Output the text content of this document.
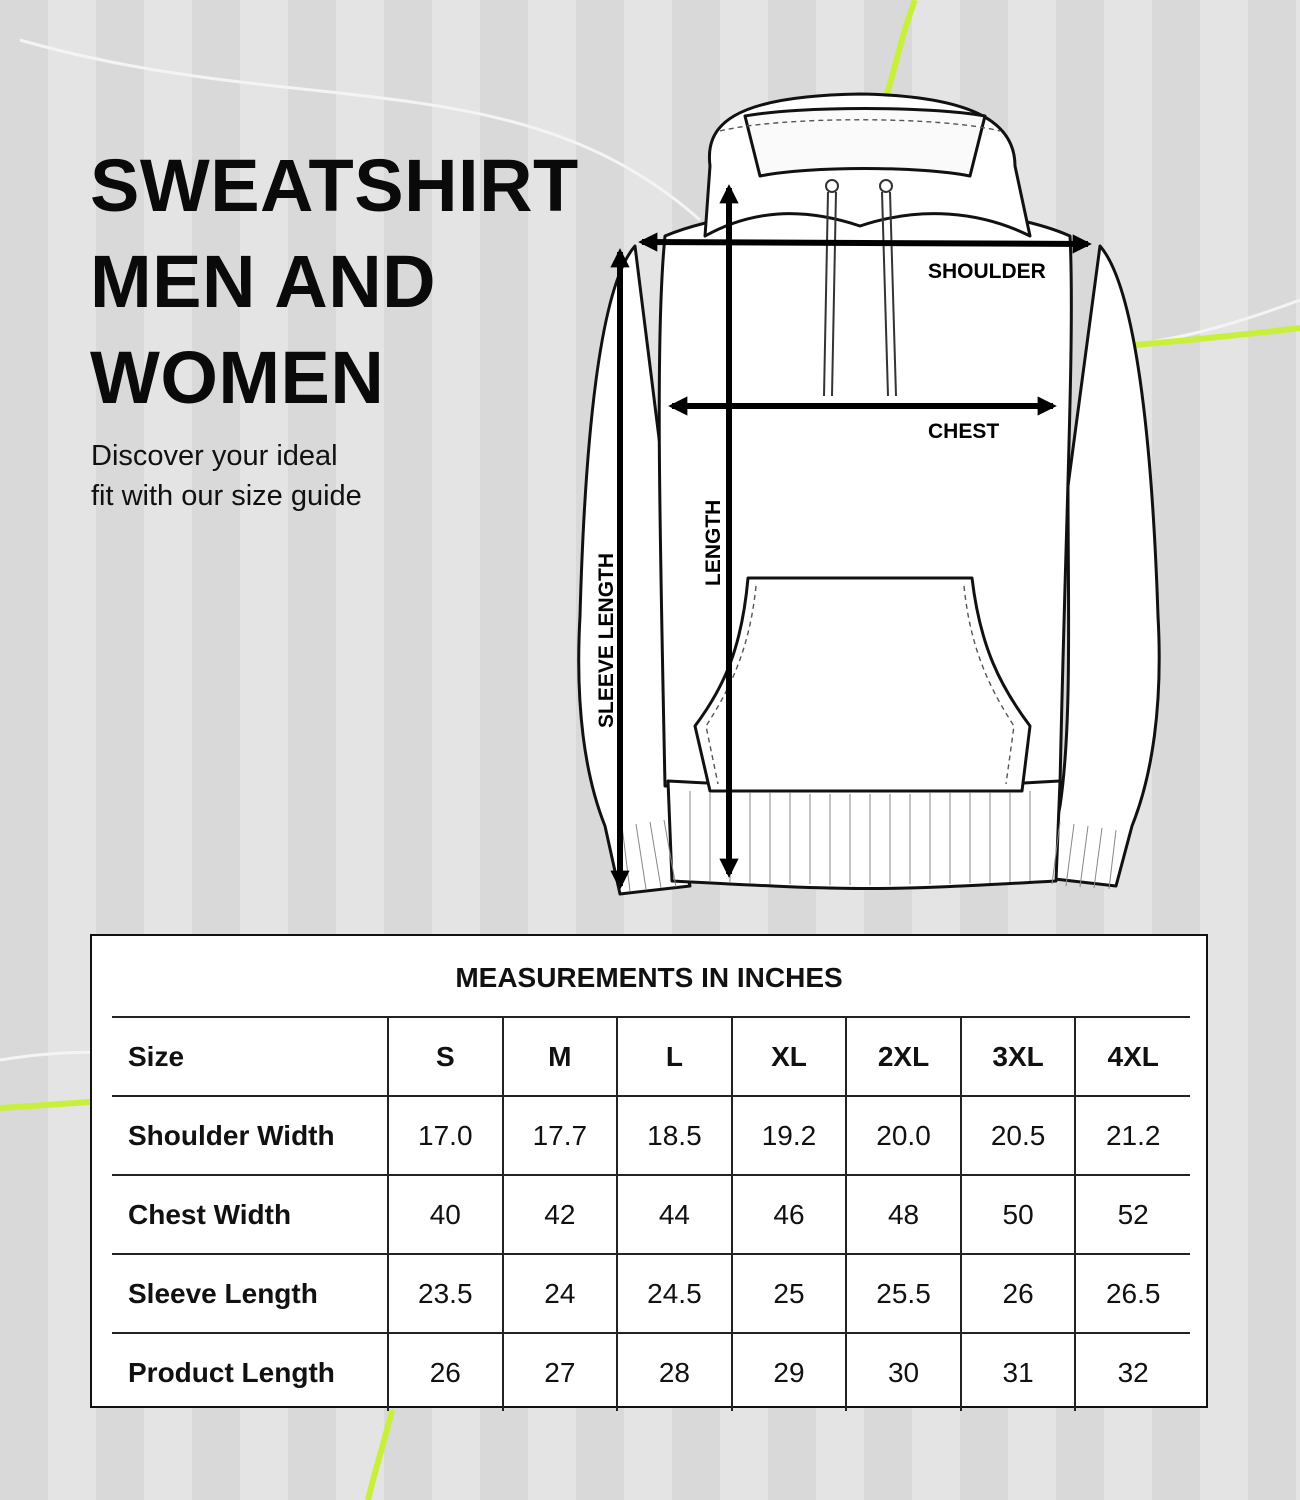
SWEATSHIRT
MEN AND
WOMEN

Discover your ideal
fit with our size guide

SHOULDER
CHEST
LENGTH
SLEEVE LENGTH
MEASUREMENTS IN INCHES
Size	S	M	L	XL	2XL	3XL	4XL
Shoulder Width	17.0	17.7	18.5	19.2	20.0	20.5	21.2
Chest Width	40	42	44	46	48	50	52
Sleeve Length	23.5	24	24.5	25	25.5	26	26.5
Product Length	26	27	28	29	30	31	32
